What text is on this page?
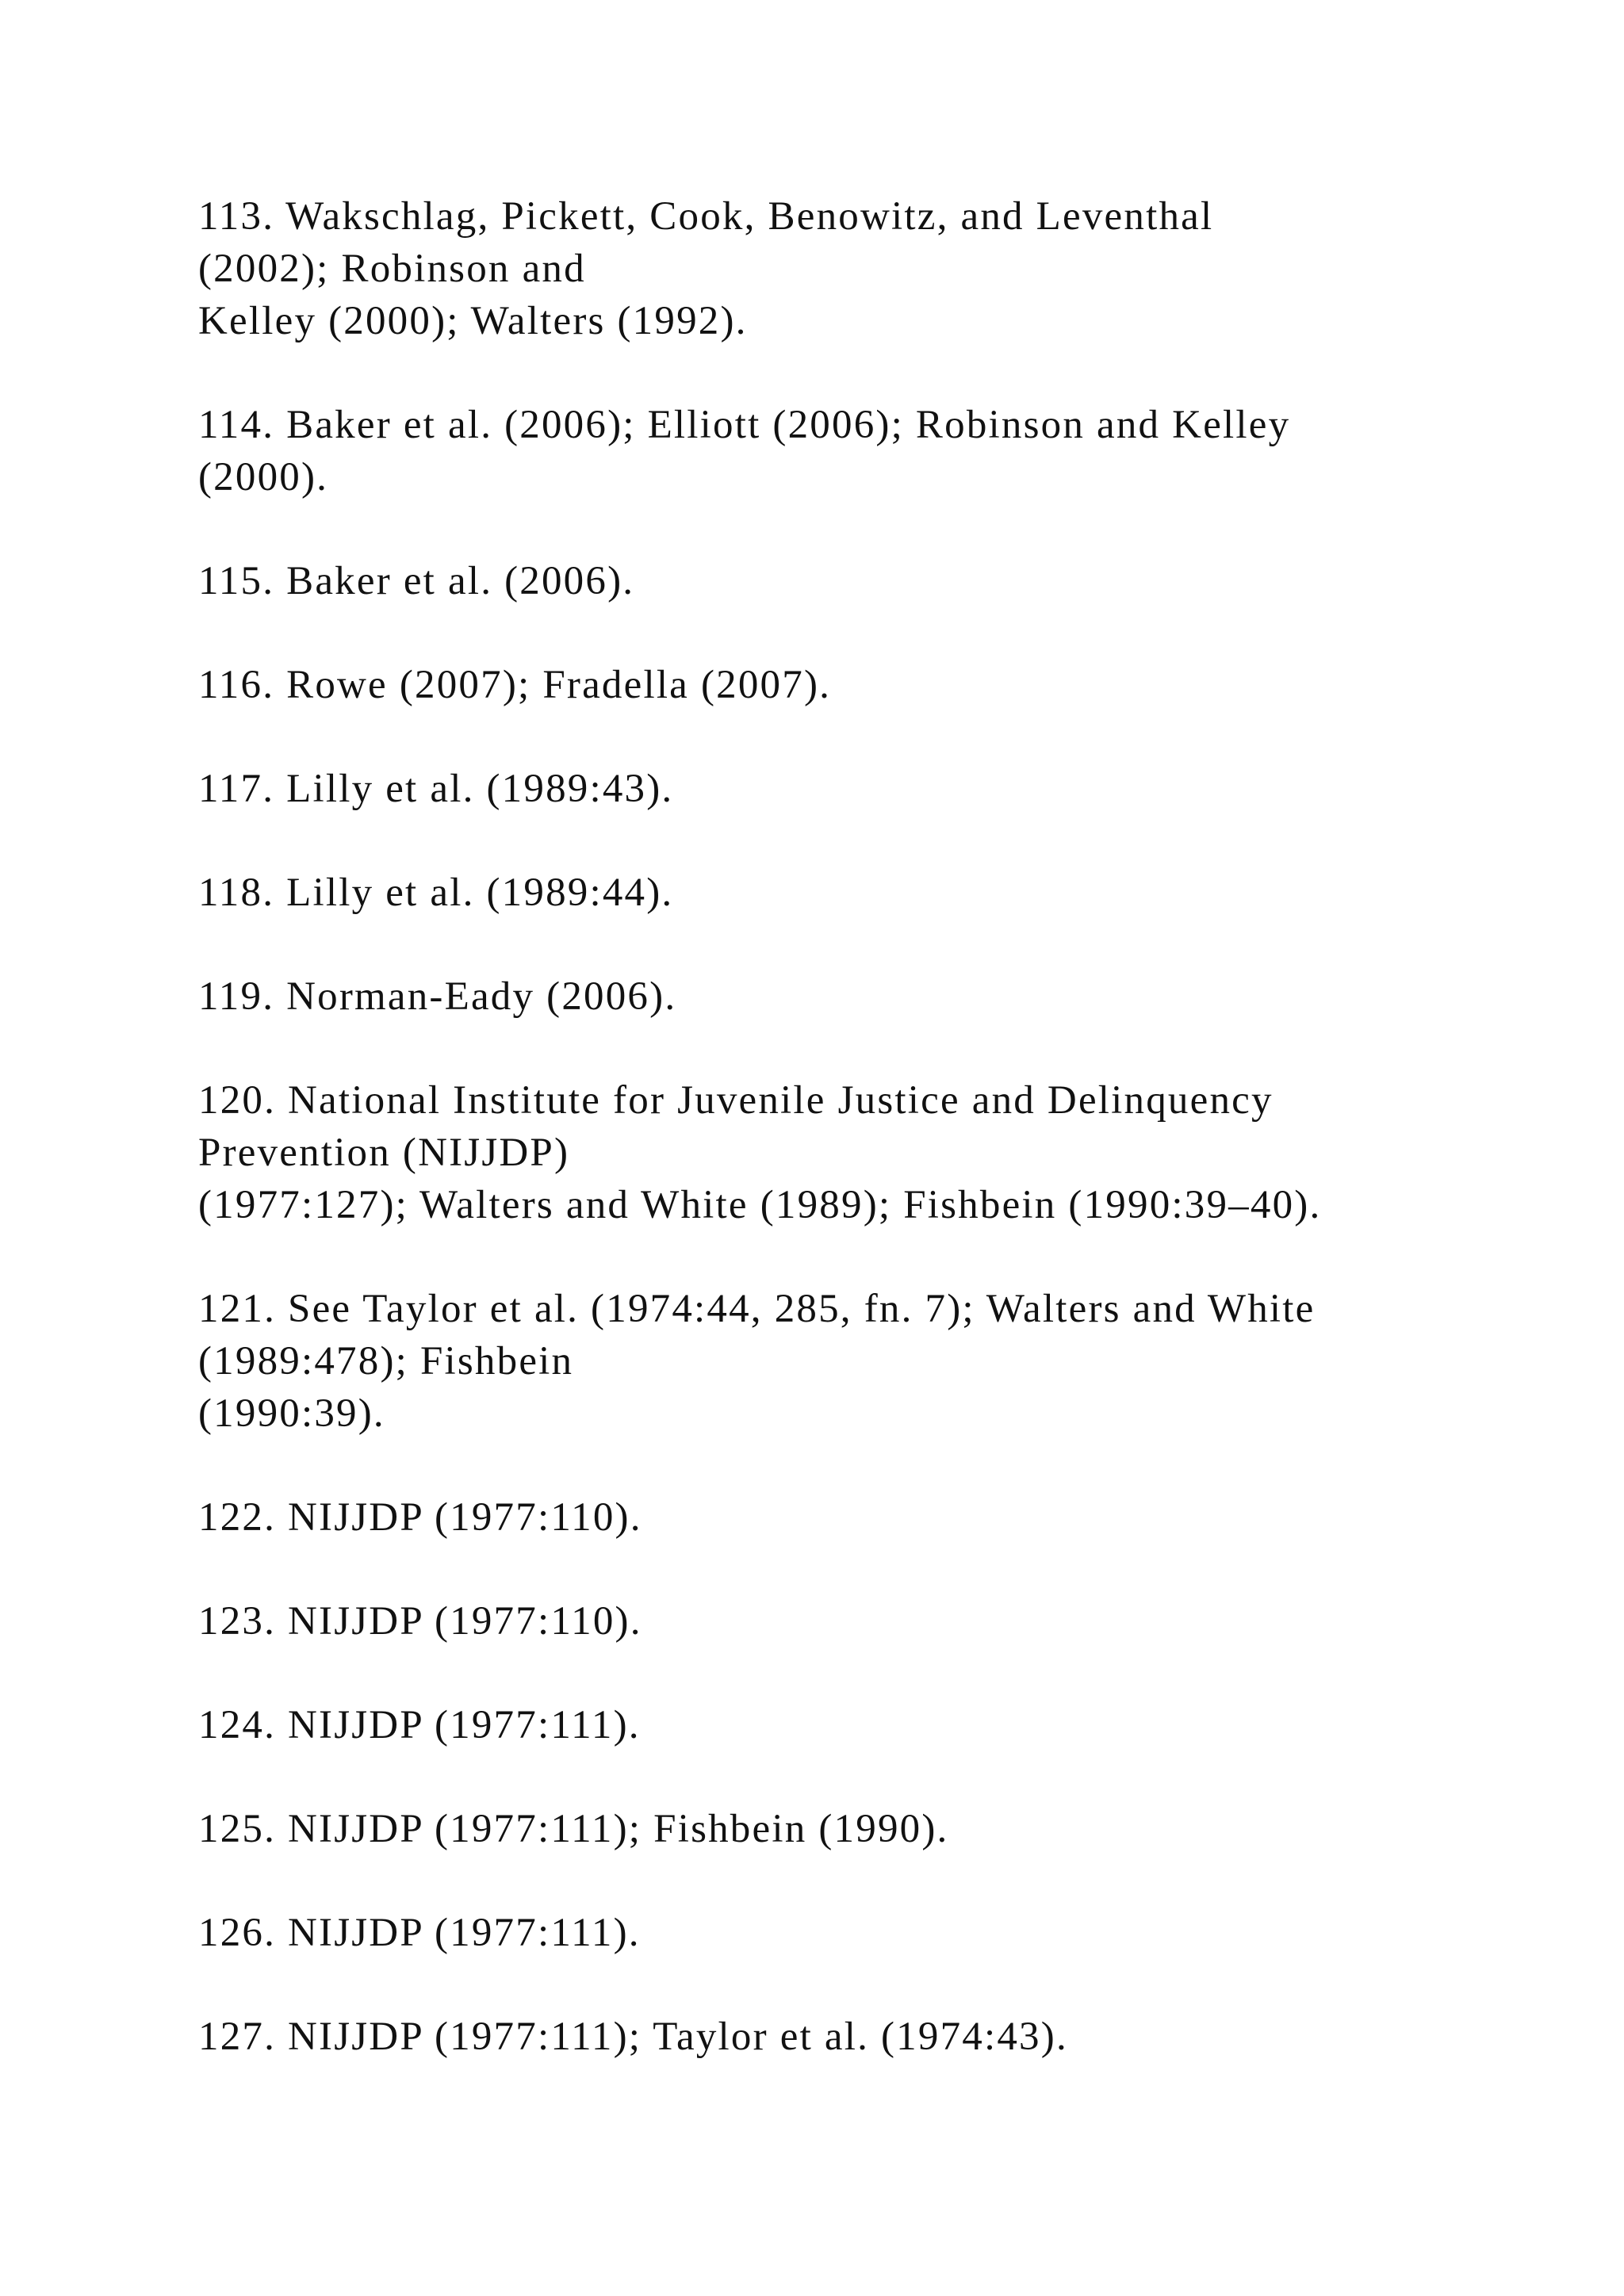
113. Wakschlag, Pickett, Cook, Benowitz, and Leventhal
(2002); Robinson and
Kelley (2000); Walters (1992).
114. Baker et al. (2006); Elliott (2006); Robinson and Kelley
(2000).
115. Baker et al. (2006).
116. Rowe (2007); Fradella (2007).
117. Lilly et al. (1989:43).
118. Lilly et al. (1989:44).
119. Norman-Eady (2006).
120. National Institute for Juvenile Justice and Delinquency
Prevention (NIJJDP)
(1977:127); Walters and White (1989); Fishbein (1990:39–40).
121. See Taylor et al. (1974:44, 285, fn. 7); Walters and White
(1989:478); Fishbein
(1990:39).
122. NIJJDP (1977:110).
123. NIJJDP (1977:110).
124. NIJJDP (1977:111).
125. NIJJDP (1977:111); Fishbein (1990).
126. NIJJDP (1977:111).
127. NIJJDP (1977:111); Taylor et al. (1974:43).
